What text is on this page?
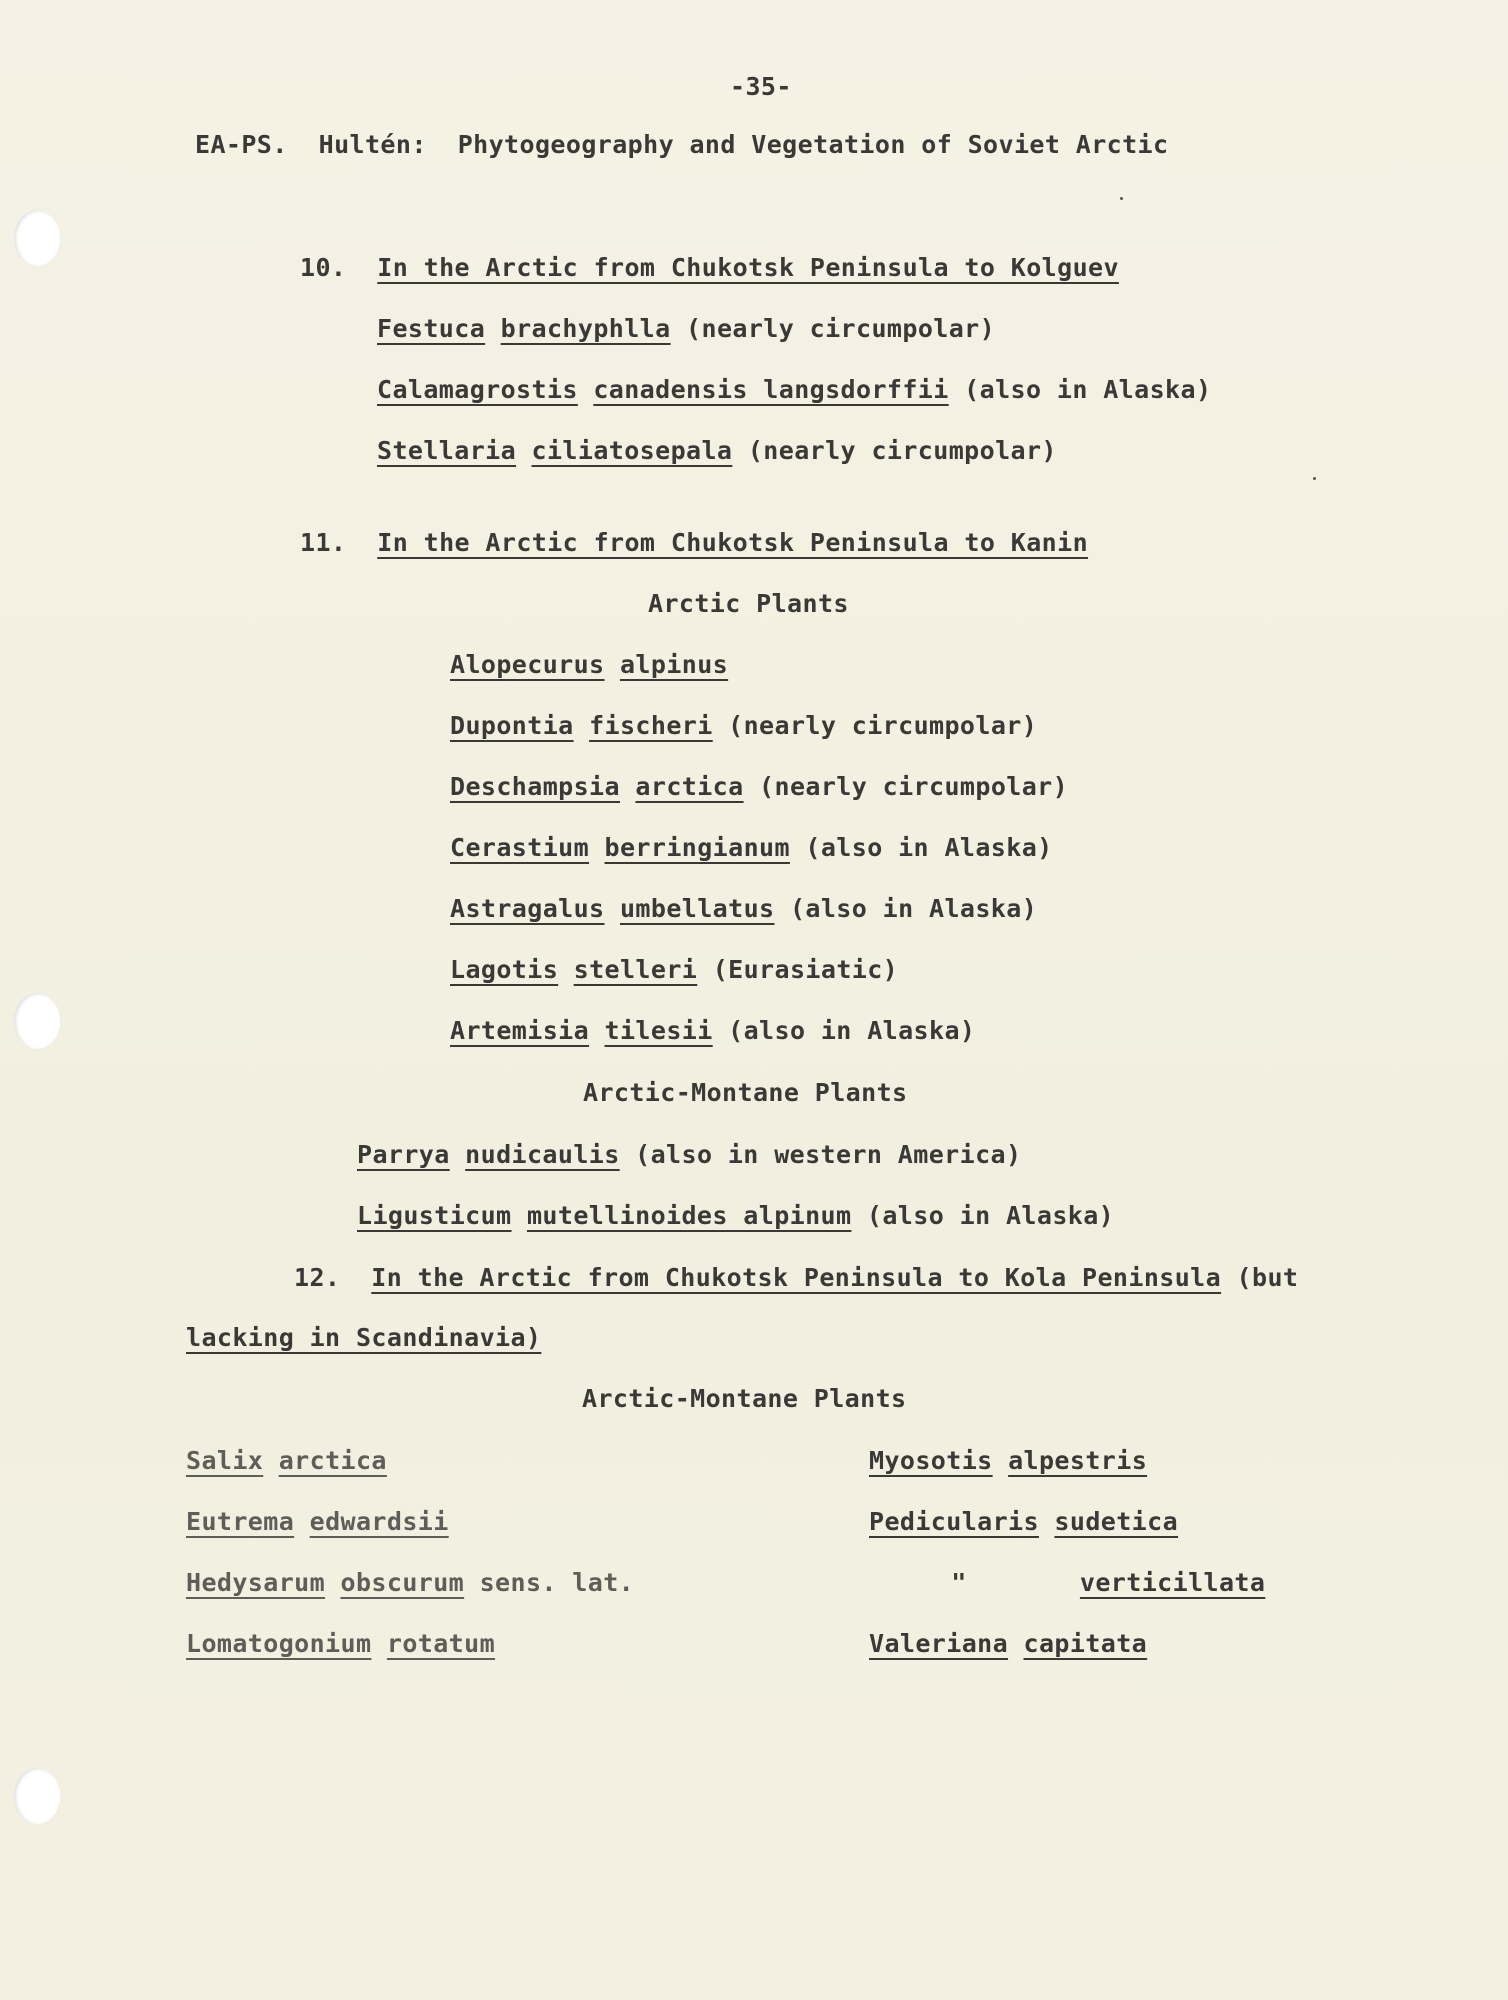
-35-
EA-PS. Hultén: Phytogeography and Vegetation of Soviet Arctic
10. In the Arctic from Chukotsk Peninsula to Kolguev
Festuca brachyphlla (nearly circumpolar)
Calamagrostis canadensis langsdorffii (also in Alaska)
Stellaria ciliatosepala (nearly circumpolar)
11. In the Arctic from Chukotsk Peninsula to Kanin
Arctic Plants
Alopecurus alpinus
Dupontia fischeri (nearly circumpolar)
Deschampsia arctica (nearly circumpolar)
Cerastium berringianum (also in Alaska)
Astragalus umbellatus (also in Alaska)
Lagotis stelleri (Eurasiatic)
Artemisia tilesii (also in Alaska)
Arctic-Montane Plants
Parrya nudicaulis (also in western America)
Ligusticum mutellinoides alpinum (also in Alaska)
12. In the Arctic from Chukotsk Peninsula to Kola Peninsula (but
lacking in Scandinavia)
Arctic-Montane Plants
Salix arctica
Eutrema edwardsii
Hedysarum obscurum sens. lat.
Lomatogonium rotatum
Myosotis alpestris
Pedicularis sudetica
"	verticillata
Valeriana capitata
